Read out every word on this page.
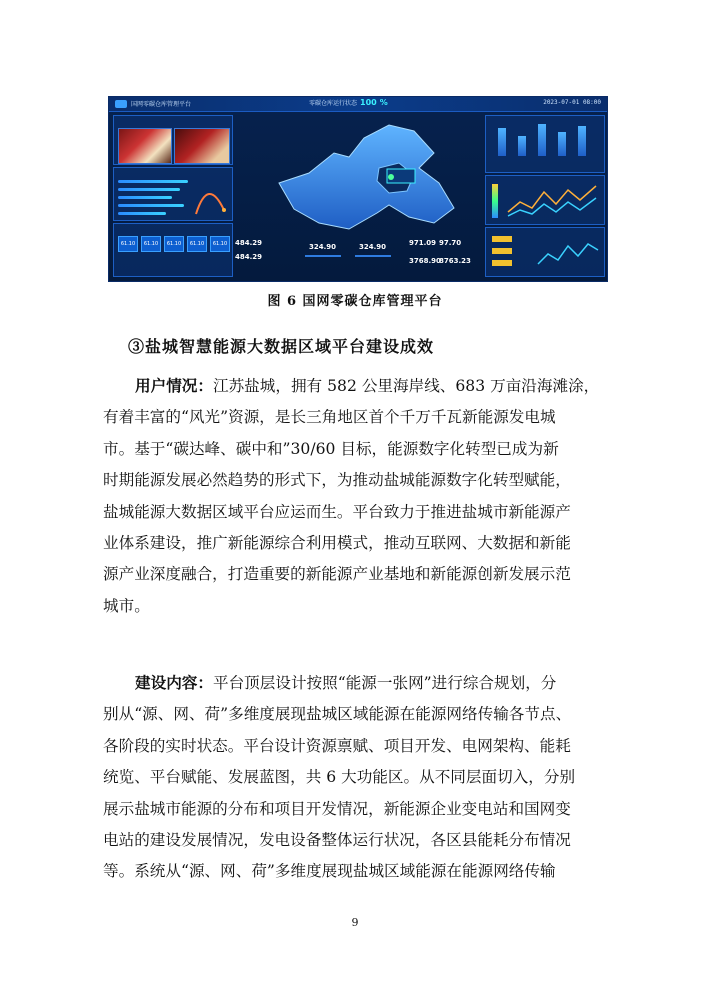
国网零碳仓库管理平台	零碳仓库运行状态 100 %	2023-07-01 08:00
61.10	61.10	61.10	61.10	61.10	484.29
484.29
324.90	324.90	971.09 97.70
3768.90
8763.23
图 6 国网零碳仓库管理平台
③盐城智慧能源大数据区域平台建设成效
用户情况：江苏盐城，拥有 582 公里海岸线、683 万亩沿海滩涂，
有着丰富的“风光”资源，是长三角地区首个千万千瓦新能源发电城
市。基于“碳达峰、碳中和”30/60 目标，能源数字化转型已成为新
时期能源发展必然趋势的形式下，为推动盐城能源数字化转型赋能，
盐城能源大数据区域平台应运而生。平台致力于推进盐城市新能源产
业体系建设，推广新能源综合利用模式，推动互联网、大数据和新能
源产业深度融合，打造重要的新能源产业基地和新能源创新发展示范
城市。
建设内容：平台顶层设计按照“能源一张网”进行综合规划，分
别从“源、网、荷”多维度展现盐城区域能源在能源网络传输各节点、
各阶段的实时状态。平台设计资源禀赋、项目开发、电网架构、能耗
统览、平台赋能、发展蓝图，共 6 大功能区。从不同层面切入，分别
展示盐城市能源的分布和项目开发情况，新能源企业变电站和国网变
电站的建设发展情况，发电设备整体运行状况，各区县能耗分布情况
等。系统从“源、网、荷”多维度展现盐城区域能源在能源网络传输
9
